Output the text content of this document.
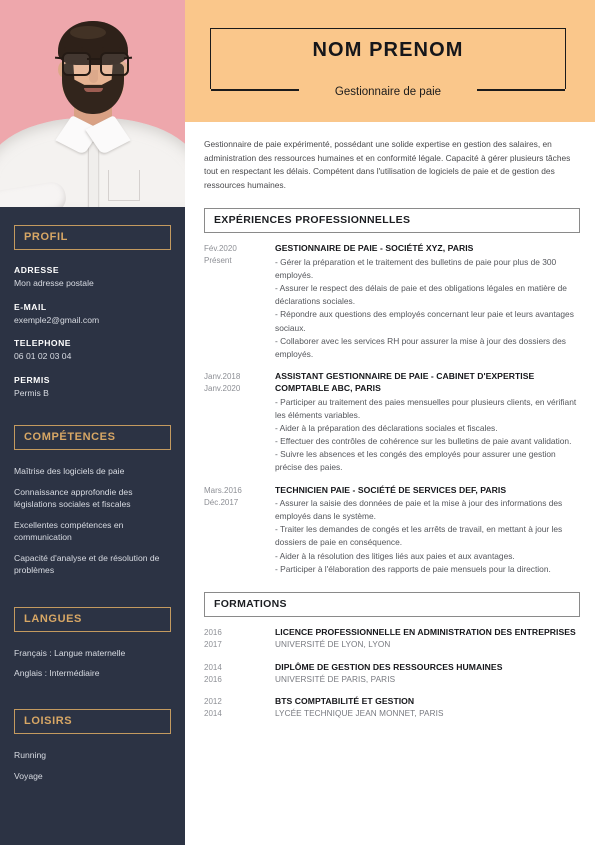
PROFIL
ADRESSE
Mon adresse postale
E-MAIL
exemple2@gmail.com
TELEPHONE
06 01 02 03 04
PERMIS
Permis B
COMPÉTENCES
Maîtrise des logiciels de paie
Connaissance approfondie des législations sociales et fiscales
Excellentes compétences en communication
Capacité d'analyse et de résolution de problèmes
LANGUES
Français : Langue maternelle
Anglais : Intermédiaire
LOISIRS
Running
Voyage
NOM PRENOM
Gestionnaire de paie

Gestionnaire de paie expérimenté, possédant une solide expertise en gestion des salaires, en administration des ressources humaines et en conformité légale. Capacité à gérer plusieurs tâches tout en respectant les délais. Compétent dans l'utilisation de logiciels de paie et de gestion des ressources humaines.

EXPÉRIENCES PROFESSIONNELLES
Fév.2020
Présent
GESTIONNAIRE DE PAIE - SOCIÉTÉ XYZ, PARIS
- Gérer la préparation et le traitement des bulletins de paie pour plus de 300 employés.
- Assurer le respect des délais de paie et des obligations légales en matière de déclarations sociales.
- Répondre aux questions des employés concernant leur paie et leurs avantages sociaux.
- Collaborer avec les services RH pour assurer la mise à jour des dossiers des employés.
Janv.2018
Janv.2020
ASSISTANT GESTIONNAIRE DE PAIE - CABINET D'EXPERTISE COMPTABLE ABC, PARIS
- Participer au traitement des paies mensuelles pour plusieurs clients, en vérifiant les éléments variables.
- Aider à la préparation des déclarations sociales et fiscales.
- Effectuer des contrôles de cohérence sur les bulletins de paie avant validation.
- Suivre les absences et les congés des employés pour assurer une gestion précise des paies.
Mars.2016
Déc.2017
TECHNICIEN PAIE - SOCIÉTÉ DE SERVICES DEF, PARIS
- Assurer la saisie des données de paie et la mise à jour des informations des employés dans le système.
- Traiter les demandes de congés et les arrêts de travail, en mettant à jour les dossiers de paie en conséquence.
- Aider à la résolution des litiges liés aux paies et aux avantages.
- Participer à l'élaboration des rapports de paie mensuels pour la direction.
FORMATIONS
2016
2017
LICENCE PROFESSIONNELLE EN ADMINISTRATION DES ENTREPRISES
UNIVERSITÉ DE LYON, LYON
2014
2016
DIPLÔME DE GESTION DES RESSOURCES HUMAINES
UNIVERSITÉ DE PARIS, PARIS
2012
2014
BTS COMPTABILITÉ ET GESTION
LYCÉE TECHNIQUE JEAN MONNET, PARIS
